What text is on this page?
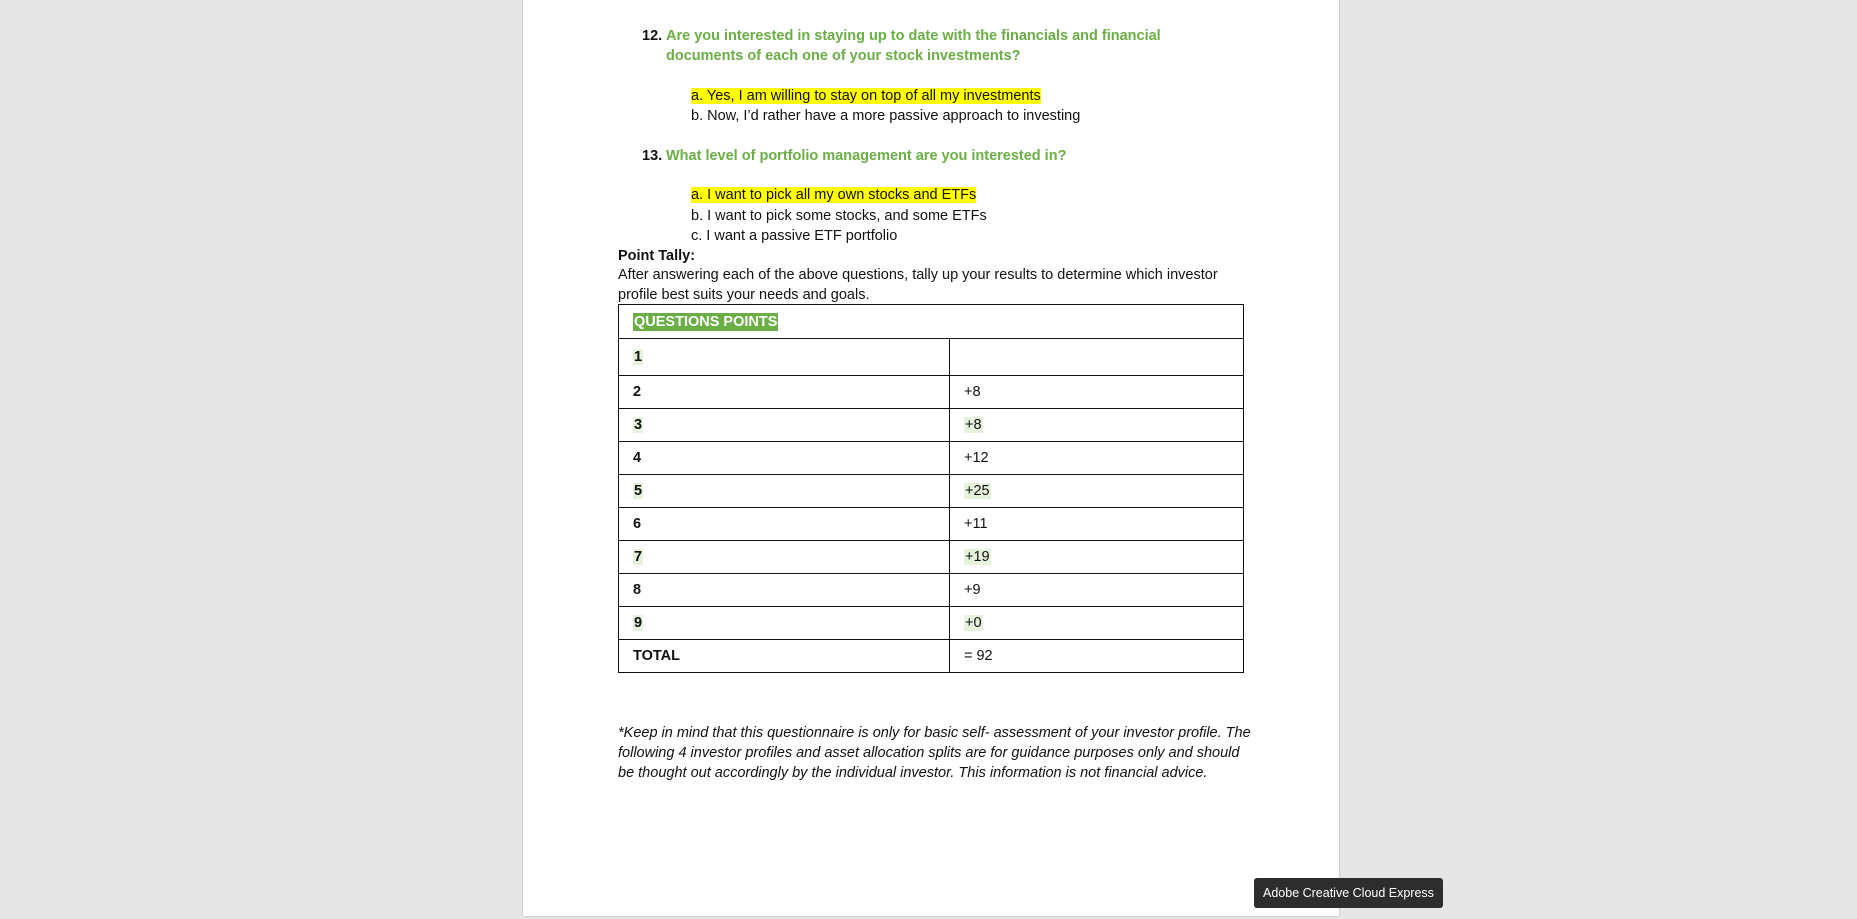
12. Are you interested in staying up to date with the financials and financial documents of each one of your stock investments?
a. Yes, I am willing to stay on top of all my investments
b. Now, I’d rather have a more passive approach to investing
13. What level of portfolio management are you interested in?
a. I want to pick all my own stocks and ETFs
b. I want to pick some stocks, and some ETFs
c. I want a passive ETF portfolio
Point Tally:
After answering each of the above questions, tally up your results to determine which investor profile best suits your needs and goals.
QUESTIONS POINTS	
1	
2	+8
3	+8
4	+12
5	+25
6	+11
7	+19
8	+9
9	+0
TOTAL	= 92
*Keep in mind that this questionnaire is only for basic self- assessment of your investor profile. The following 4 investor profiles and asset allocation splits are for guidance purposes only and should be thought out accordingly by the individual investor. This information is not financial advice.
Adobe Creative Cloud Express
